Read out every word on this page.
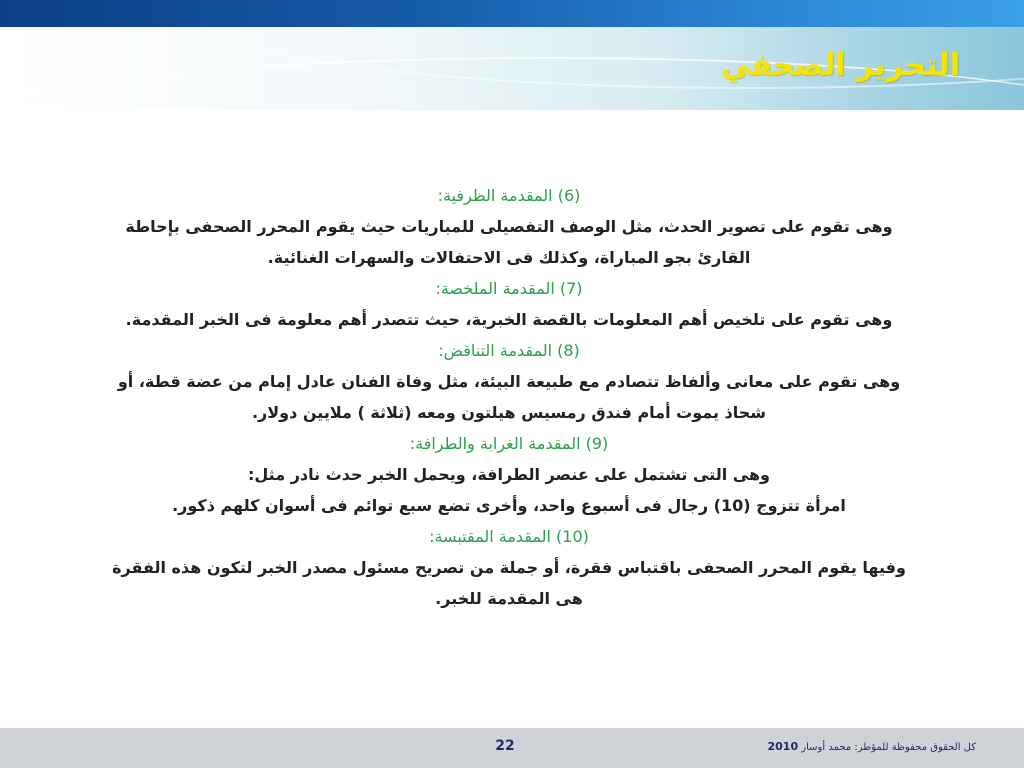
التحرير الصحفي
(6) المقدمة الظرفية:
وهى تقوم على تصوير الحدث، مثل الوصف التفصيلى للمباريات حيث يقوم المحرر الصحفى بإحاطة
القارئ بجو المباراة، وكذلك فى الاحتفالات والسهرات الغنائية.
(7) المقدمة الملخصة:
وهى تقوم على تلخيص أهم المعلومات بالقصة الخبرية، حيث تتصدر أهم معلومة فى الخبر المقدمة.
(8) المقدمة التناقض:
وهى تقوم على معانى وألفاظ تتصادم مع طبيعة البيئة، مثل وفاة الفنان عادل إمام من عضة قطة، أو
شحاذ يموت أمام فندق رمسيس هيلتون ومعه (ثلاثة ) ملايين دولار.
(9) المقدمة الغرابة والطرافة:
وهى التى تشتمل على عنصر الطرافة، ويحمل الخبر حدث نادر مثل:
امرأة تتزوج (10) رجال فى أسبوع واحد، وأخرى تضع سبع توائم فى أسوان كلهم ذكور.
(10) المقدمة المقتبسة:
وفيها يقوم المحرر الصحفى باقتباس فقرة، أو جملة من تصريح مسئول مصدر الخبر لتكون هذه الفقرة
هى المقدمة للخبر.
22	كل الحقوق محفوظة للمؤطر: محمد أوسار 2010
